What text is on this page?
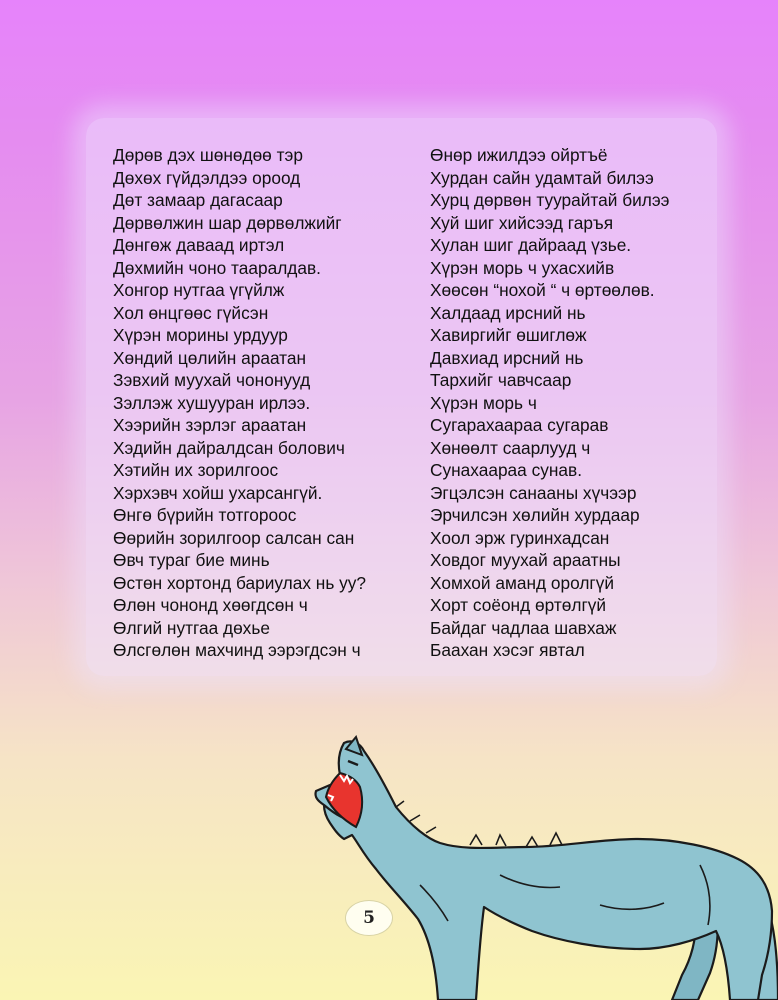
Дөрөв дэх шөнөдөө тэр
Дөхөх гүйдэлдээ ороод
Дөт замаар дагасаар
Дөрвөлжин шар дөрвөлжийг
Дөнгөж даваад иртэл
Дөхмийн чоно тааралдав.
Хонгор нутгаа үгүйлж
Хол өнцгөөс гүйсэн
Хүрэн морины урдуур
Хөндий цөлийн араатан
Зэвхий муухай чононууд
Зэллэж хушууран ирлээ.
Хээрийн зэрлэг араатан
Хэдийн дайралдсан болович
Хэтийн их зорилгоос
Хэрхэвч хойш ухарсангүй.
Өнгө бүрийн тотгороос
Өөрийн зорилгоор салсан сан
Өвч тураг бие минь
Өстөн хортонд бариулах нь уу?
Өлөн чононд хөөгдсөн ч
Өлгий нутгаа дөхье
Өлсгөлөн махчинд ээрэгдсэн ч
Өнөр ижилдээ ойртъё
Хурдан сайн удамтай билээ
Хурц дөрвөн туурайтай билээ
Хуй шиг хийсээд гаръя
Хулан шиг дайраад үзье.
Хүрэн морь ч ухасхийв
Хөөсөн “нохой “ ч өртөөлөв.
Халдаад ирсний нь
Хавиргийг өшиглөж
Давхиад ирсний нь
Тархийг чавчсаар
Хүрэн морь ч
Сугарахаараа сугарав
Хөнөөлт саарлууд ч
Сунахаараа сунав.
Эгцэлсэн санааны хүчээр
Эрчилсэн хөлийн хурдаар
Хоол эрж гуринхадсан
Ховдог муухай араатны
Хомхой аманд оролгүй
Хорт соёонд өртөлгүй
Байдаг чадлаа шавхаж
Баахан хэсэг явтал
5
